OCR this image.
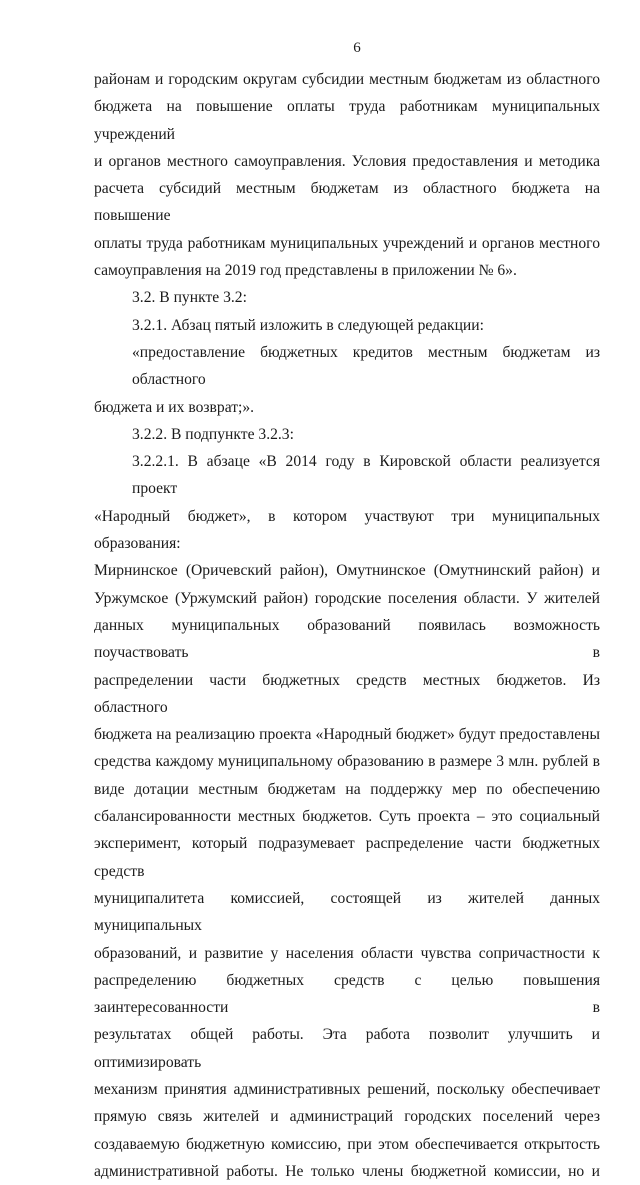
6
районам и городским округам субсидии местным бюджетам из областного
бюджета на повышение оплаты труда работникам муниципальных учреждений
и органов местного самоуправления. Условия предоставления и методика
расчета субсидий местным бюджетам из областного бюджета на повышение
оплаты труда работникам муниципальных учреждений и органов местного
самоуправления на 2019 год представлены в приложении № 6».
3.2. В пункте 3.2:
3.2.1. Абзац пятый изложить в следующей редакции:
«предоставление бюджетных кредитов местным бюджетам из областного
бюджета и их возврат;».
3.2.2. В подпункте 3.2.3:
3.2.2.1. В абзаце «В 2014 году в Кировской области реализуется проект
«Народный бюджет», в котором участвуют три муниципальных образования:
Мирнинское (Оричевский район), Омутнинское (Омутнинский район) и
Уржумское (Уржумский район) городские поселения области. У жителей
данных муниципальных образований появилась возможность поучаствовать в
распределении части бюджетных средств местных бюджетов. Из областного
бюджета на реализацию проекта «Народный бюджет» будут предоставлены
средства каждому муниципальному образованию в размере 3 млн. рублей в
виде дотации местным бюджетам на поддержку мер по обеспечению
сбалансированности местных бюджетов. Суть проекта – это социальный
эксперимент, который подразумевает распределение части бюджетных средств
муниципалитета комиссией, состоящей из жителей данных муниципальных
образований, и развитие у населения области чувства сопричастности к
распределению бюджетных средств с целью повышения заинтересованности в
результатах общей работы. Эта работа позволит улучшить и оптимизировать
механизм принятия административных решений, поскольку обеспечивает
прямую связь жителей и администраций городских поселений через
создаваемую бюджетную комиссию, при этом обеспечивается открытость
административной работы. Не только члены бюджетной комиссии, но и
